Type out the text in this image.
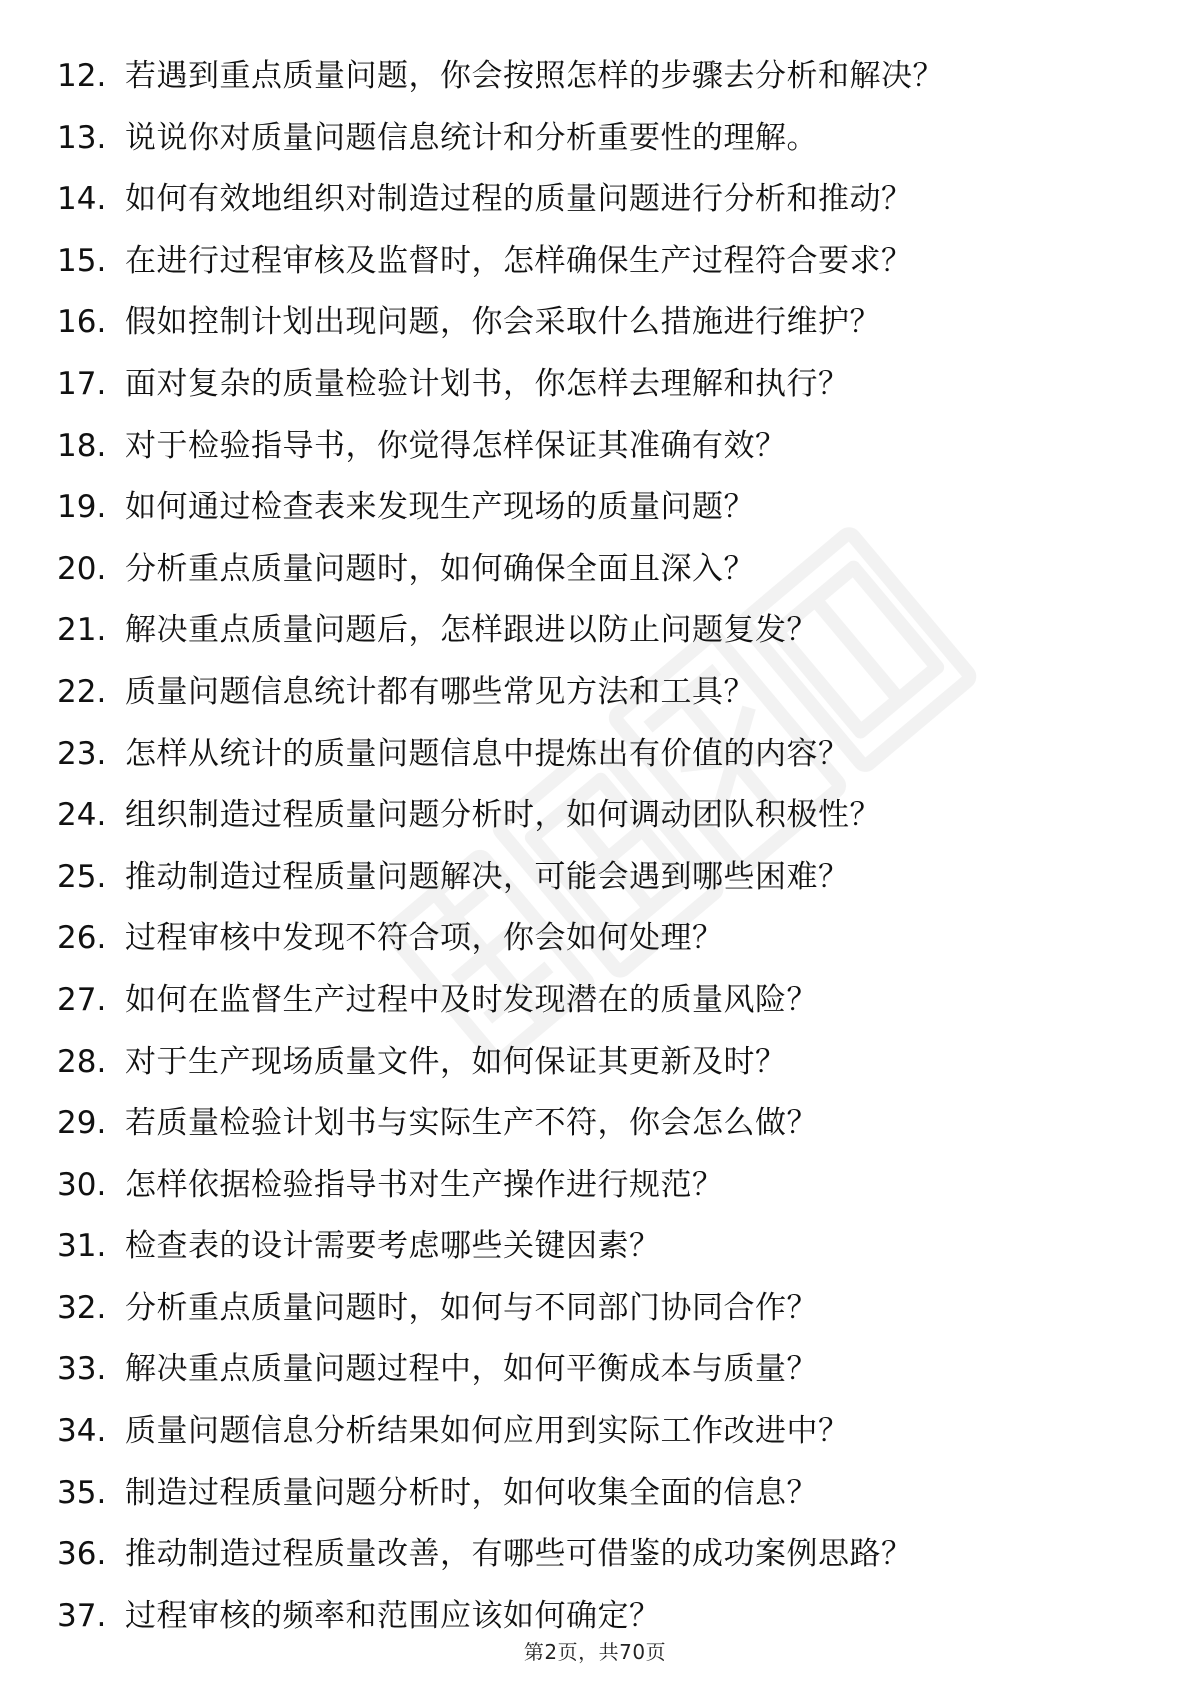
12. 若遇到重点质量问题，你会按照怎样的步骤去分析和解决？
13. 说说你对质量问题信息统计和分析重要性的理解。
14. 如何有效地组织对制造过程的质量问题进行分析和推动？
15. 在进行过程审核及监督时，怎样确保生产过程符合要求？
16. 假如控制计划出现问题，你会采取什么措施进行维护？
17. 面对复杂的质量检验计划书，你怎样去理解和执行？
18. 对于检验指导书，你觉得怎样保证其准确有效？
19. 如何通过检查表来发现生产现场的质量问题？
20. 分析重点质量问题时，如何确保全面且深入？
21. 解决重点质量问题后，怎样跟进以防止问题复发？
22. 质量问题信息统计都有哪些常见方法和工具？
23. 怎样从统计的质量问题信息中提炼出有价值的内容？
24. 组织制造过程质量问题分析时，如何调动团队积极性？
25. 推动制造过程质量问题解决，可能会遇到哪些困难？
26. 过程审核中发现不符合项，你会如何处理？
27. 如何在监督生产过程中及时发现潜在的质量风险？
28. 对于生产现场质量文件，如何保证其更新及时？
29. 若质量检验计划书与实际生产不符，你会怎么做？
30. 怎样依据检验指导书对生产操作进行规范？
31. 检查表的设计需要考虑哪些关键因素？
32. 分析重点质量问题时，如何与不同部门协同合作？
33. 解决重点质量问题过程中，如何平衡成本与质量？
34. 质量问题信息分析结果如何应用到实际工作改进中？
35. 制造过程质量问题分析时，如何收集全面的信息？
36. 推动制造过程质量改善，有哪些可借鉴的成功案例思路？
37. 过程审核的频率和范围应该如何确定？
第2页，共70页
